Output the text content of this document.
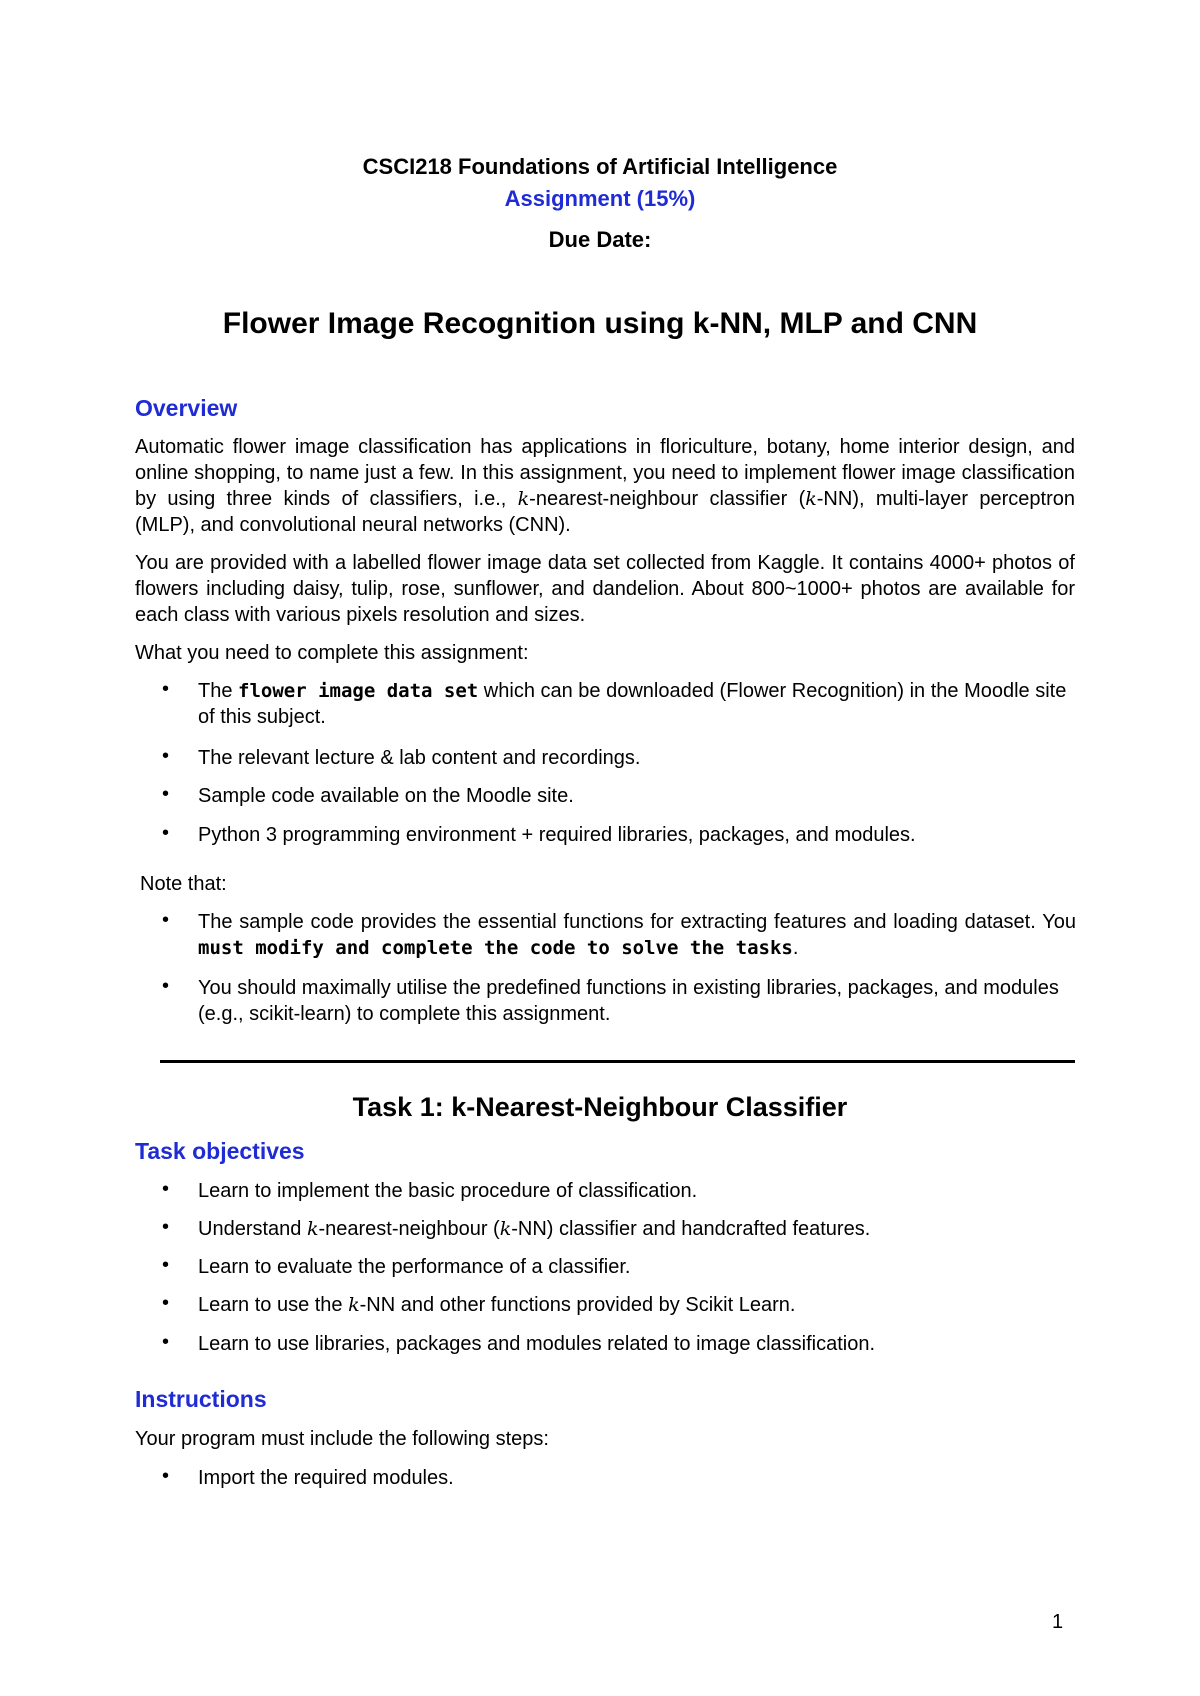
CSCI218 Foundations of Artificial Intelligence
Assignment (15%)
Due Date:
Flower Image Recognition using k-NN, MLP and CNN
Overview
Automatic flower image classification has applications in floriculture, botany, home interior design, and online shopping, to name just a few. In this assignment, you need to implement flower image classification by using three kinds of classifiers, i.e., k-nearest-neighbour classifier (k-NN), multi-layer perceptron (MLP), and convolutional neural networks (CNN).
You are provided with a labelled flower image data set collected from Kaggle. It contains 4000+ photos of flowers including daisy, tulip, rose, sunflower, and dandelion. About 800~1000+ photos are available for each class with various pixels resolution and sizes.
What you need to complete this assignment:
• The flower image data set which can be downloaded (Flower Recognition) in the Moodle site of this subject.
• The relevant lecture & lab content and recordings.
• Sample code available on the Moodle site.
• Python 3 programming environment + required libraries, packages, and modules.
Note that:
• The sample code provides the essential functions for extracting features and loading dataset. You must modify and complete the code to solve the tasks.
• You should maximally utilise the predefined functions in existing libraries, packages, and modules (e.g., scikit-learn) to complete this assignment.
Task 1: k-Nearest-Neighbour Classifier
Task objectives
• Learn to implement the basic procedure of classification.
• Understand k-nearest-neighbour (k-NN) classifier and handcrafted features.
• Learn to evaluate the performance of a classifier.
• Learn to use the k-NN and other functions provided by Scikit Learn.
• Learn to use libraries, packages and modules related to image classification.
Instructions
Your program must include the following steps:
• Import the required modules.
1
